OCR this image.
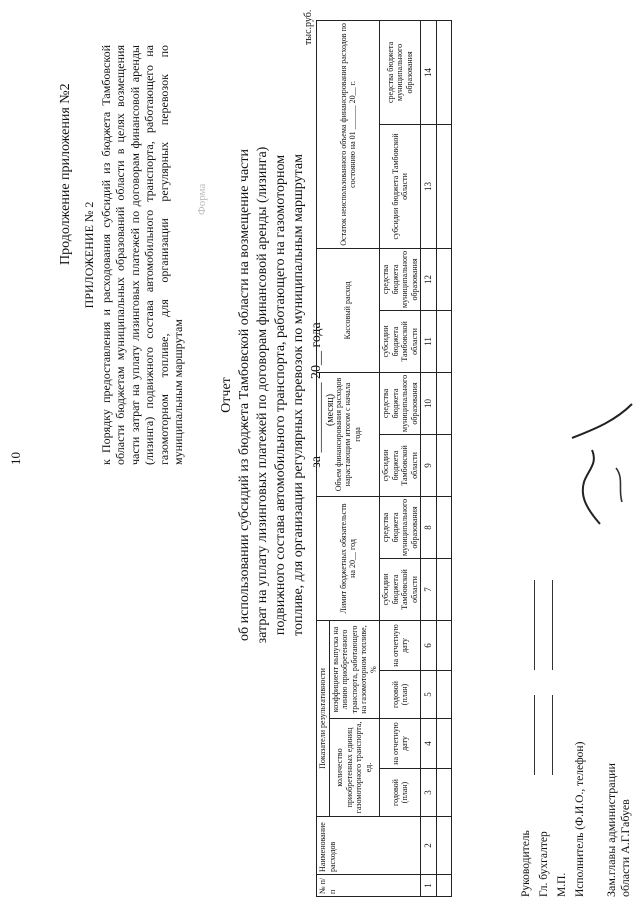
10
Продолжение приложения №2 ПРИЛОЖЕНИЕ № 2 к Порядку предоставления и расходования субсидий из бюджета Тамбовской области бюджетам муниципальных образований области в целях возмещения части затрат на уплату лизинговых платежей по договорам финансовой аренды (лизинга) подвижного состава автомобильного транспорта, работающего на газомоторном топливе, для организации регулярных перевозок по муниципальным маршрутам
Форма
Отчет об использовании субсидий из бюджета Тамбовской области на возмещение части затрат на уплату лизинговых платежей по договорам финансовой аренды (лизинга) подвижного состава автомобильного транспорта, работающего на газомоторном топливе, для организации регулярных перевозок по муниципальным маршрутам за __________ 20__ года (месяц)
тыс.руб.
№ п/п	Наименование расходов	Показатели результативности				Лимит бюджетных обязательств на 20__ год		Объем финансирования расходов нарастающим итогом с начала года		Кассовый расход		Остаток неиспользованного объема финансирования расходов по состоянию на 01 ______ 20__ г.	
		количество приобретенных единиц газомоторного транспорта, ед.		коэффициент выпуска на линию приобретенного транспорта, работающего на газомоторном топливе, %									
		годовой (план)	на отчетную дату	годовой (план)	на отчетную дату	субсидии бюджета Тамбовской области	средства бюджета муниципального образования	субсидии бюджета Тамбовской области	средства бюджета муниципального образования	субсидии бюджета Тамбовской области	средства бюджета муниципального образования	субсидии бюджета Тамбовской области	средства бюджета муниципального образования
1	2	3	4	5	6	7	8	9	10	11	12	13	14

Руководитель Гл. бухгалтер М.П. Исполнитель (Ф.И.О., телефон) Зам.главы администрации области А.Г.Габуев
